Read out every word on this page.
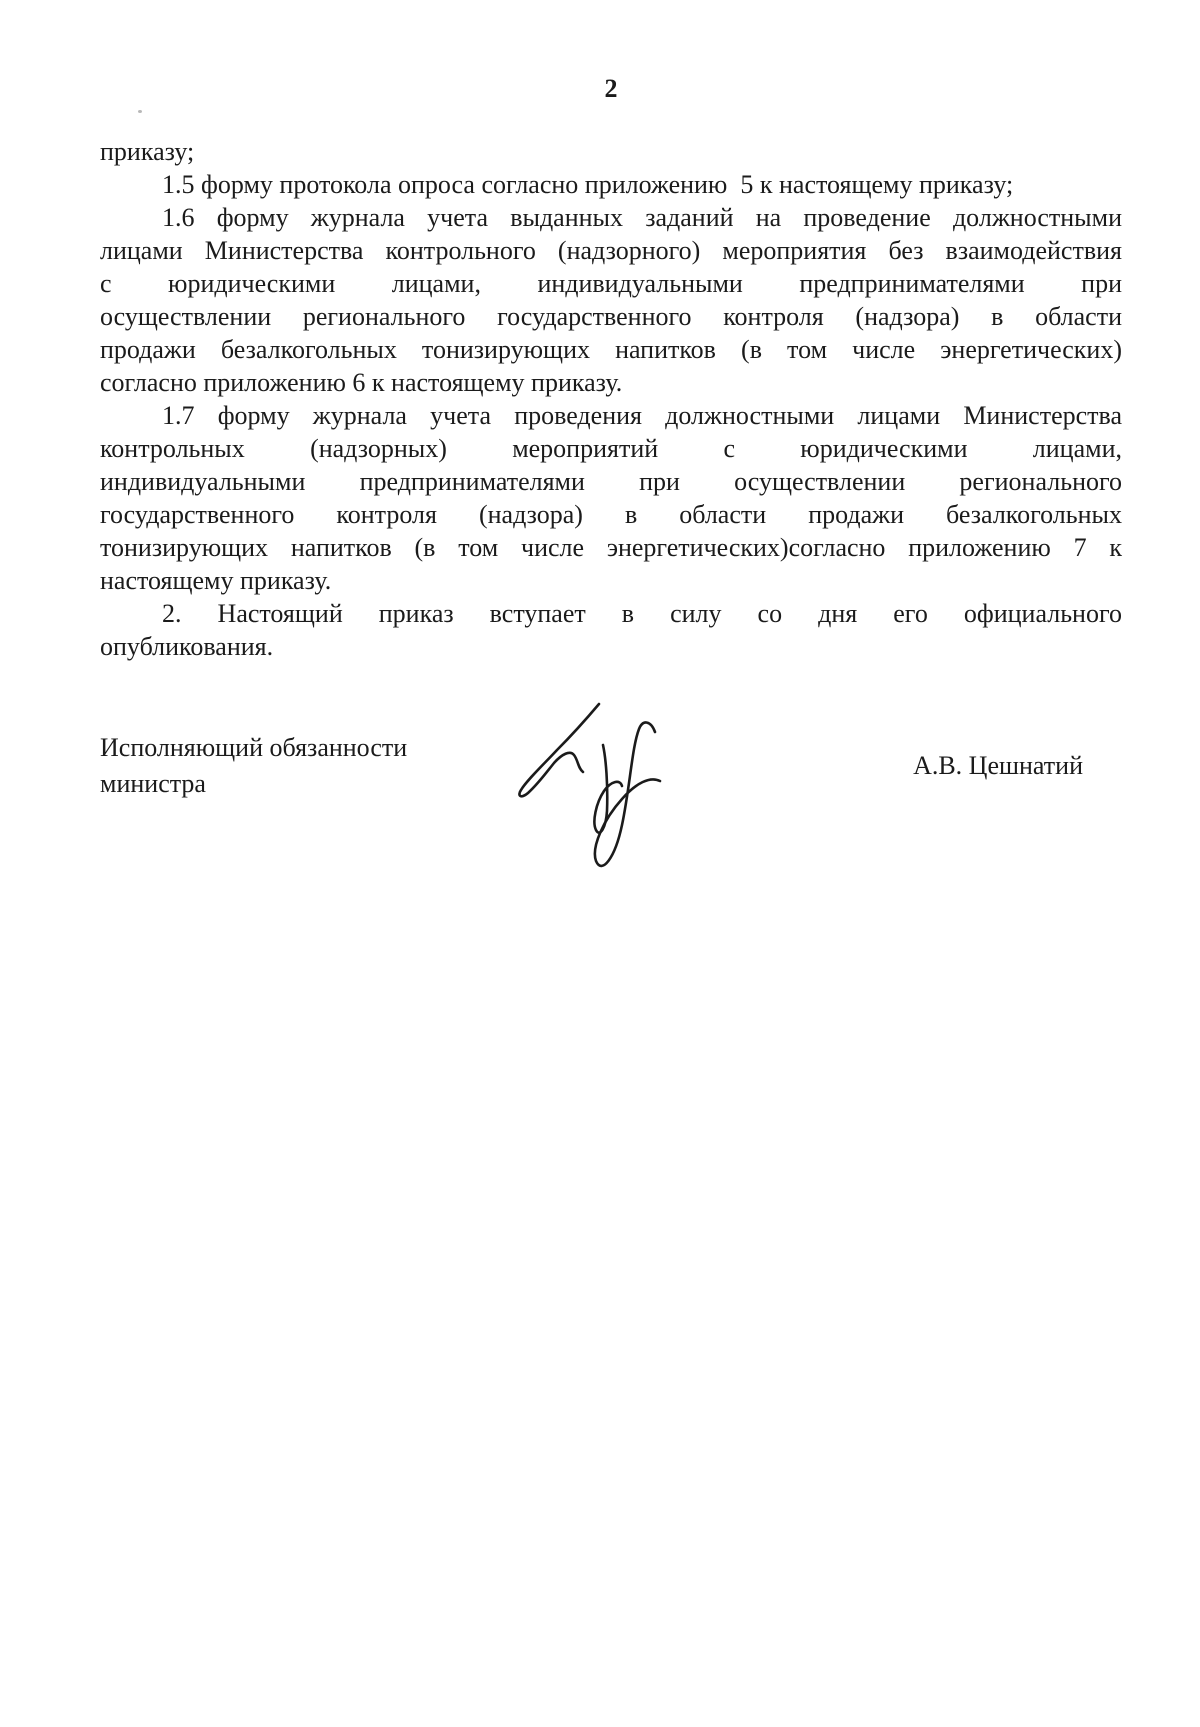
2
приказу;
1.5 форму протокола опроса согласно приложению  5 к настоящему приказу;
1.6 форму журнала учета выданных заданий на проведение должностными
лицами Министерства контрольного (надзорного) мероприятия без взаимодействия
с юридическими лицами, индивидуальными предпринимателями при
осуществлении регионального государственного контроля (надзора) в области
продажи безалкогольных тонизирующих напитков (в том числе энергетических)
согласно приложению 6 к настоящему приказу.
1.7 форму журнала учета проведения должностными лицами Министерства
контрольных (надзорных) мероприятий с юридическими лицами,
индивидуальными предпринимателями при осуществлении регионального
государственного контроля (надзора) в области продажи безалкогольных
тонизирующих напитков (в том числе энергетических)согласно приложению 7 к
настоящему приказу.
2. Настоящий приказ вступает в силу со дня его официального
опубликования.
Исполняющий обязанности
министра
А.В. Цешнатий
